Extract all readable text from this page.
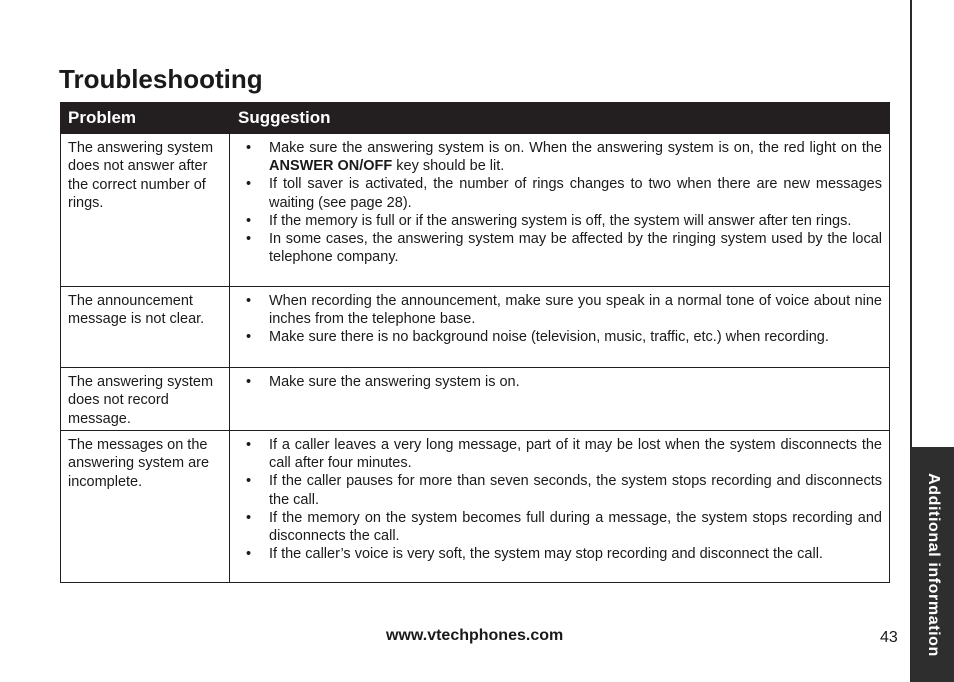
Additional information
Troubleshooting
Problem	Suggestion
The answering system does not answer after the correct number of rings.
• Make sure the answering system is on. When the answering system is on, the red light on the ANSWER ON/OFF key should be lit.
• If toll saver is activated, the number of rings changes to two when there are new messages waiting (see page 28).
• If the memory is full or if the answering system is off, the system will answer after ten rings.
• In some cases, the answering system may be affected by the ringing system used by the local telephone company.
The announcement message is not clear.
• When recording the announcement, make sure you speak in a normal tone of voice about nine inches from the telephone base.
• Make sure there is no background noise (television, music, traffic, etc.) when recording.
The answering system does not record message.
• Make sure the answering system is on.
The messages on the answering system are incomplete.
• If a caller leaves a very long message, part of it may be lost when the system disconnects the call after four minutes.
• If the caller pauses for more than seven seconds, the system stops recording and disconnects the call.
• If the memory on the system becomes full during a message, the system stops recording and disconnects the call.
• If the caller’s voice is very soft, the system may stop recording and disconnect the call.
www.vtechphones.com	43
